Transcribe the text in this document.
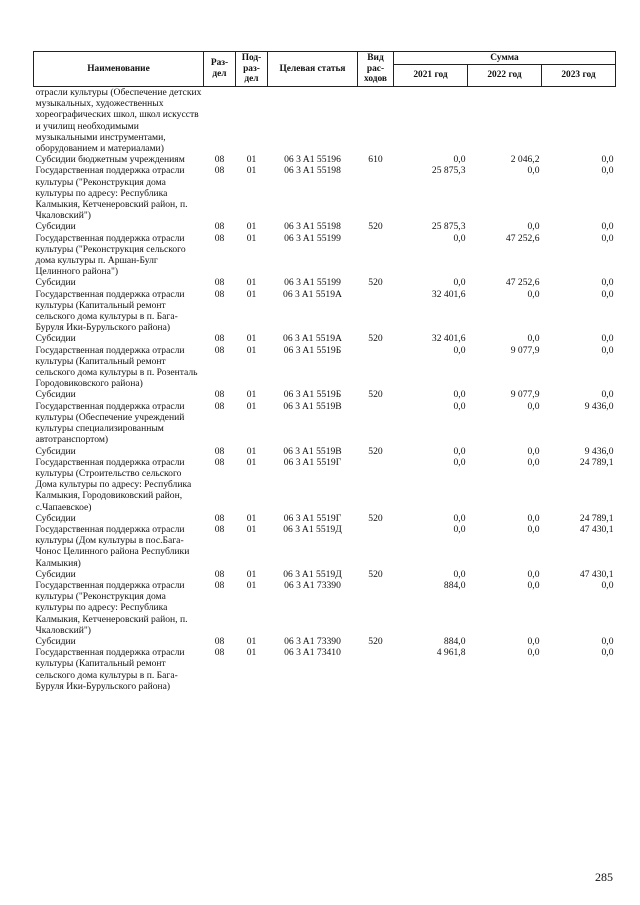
Наименование	Раз-дел	Под-раз-дел	Целевая статья	Вид рас-ходов	Сумма		
					2021 год	2022 год	2023 год
отрасли культуры (Обеспечение детских музыкальных, художественных хореографических школ, школ искусств и училищ необходимыми музыкальными инструментами, оборудованием и материалами)							
Субсидии бюджетным учреждениям	08	01	06 3 A1 55196	610	0,0	2 046,2	0,0
Государственная поддержка отрасли культуры ("Реконструкция дома культуры по адресу: Республика Калмыкия, Кетченеровский район, п. Чкаловский")	08	01	06 3 A1 55198		25 875,3	0,0	0,0
Субсидии	08	01	06 3 A1 55198	520	25 875,3	0,0	0,0
Государственная поддержка отрасли культуры ("Реконструкция сельского дома культуры п. Аршан-Булг Целинного района")	08	01	06 3 A1 55199		0,0	47 252,6	0,0
Субсидии	08	01	06 3 A1 55199	520	0,0	47 252,6	0,0
Государственная поддержка отрасли культуры (Капитальный ремонт сельского дома культуры в п. Бага-Буруля Ики-Бурульского района)	08	01	06 3 A1 5519A		32 401,6	0,0	0,0
Субсидии	08	01	06 3 A1 5519A	520	32 401,6	0,0	0,0
Государственная поддержка отрасли культуры (Капитальный ремонт сельского дома культуры в п. Розенталь Городовиковского района)	08	01	06 3 A1 5519Б		0,0	9 077,9	0,0
Субсидии	08	01	06 3 A1 5519Б	520	0,0	9 077,9	0,0
Государственная поддержка отрасли культуры (Обеспечение учреждений культуры специализированным автотранспортом)	08	01	06 3 A1 5519В		0,0	0,0	9 436,0
Субсидии	08	01	06 3 A1 5519В	520	0,0	0,0	9 436,0
Государственная поддержка отрасли культуры (Строительство сельского Дома культуры по адресу: Республика Калмыкия, Городовиковский район, с.Чапаевское)	08	01	06 3 A1 5519Г		0,0	0,0	24 789,1
Субсидии	08	01	06 3 A1 5519Г	520	0,0	0,0	24 789,1
Государственная поддержка отрасли культуры (Дом культуры в пос.Бага-Чонос Целинного района Республики Калмыкия)	08	01	06 3 A1 5519Д		0,0	0,0	47 430,1
Субсидии	08	01	06 3 A1 5519Д	520	0,0	0,0	47 430,1
Государственная поддержка отрасли культуры ("Реконструкция дома культуры по адресу: Республика Калмыкия, Кетченеровский район, п. Чкаловский")	08	01	06 3 A1 73390		884,0	0,0	0,0
Субсидии	08	01	06 3 A1 73390	520	884,0	0,0	0,0
Государственная поддержка отрасли культуры (Капитальный ремонт сельского дома культуры в п. Бага-Буруля Ики-Бурульского района)	08	01	06 3 A1 73410		4 961,8	0,0	0,0
285
